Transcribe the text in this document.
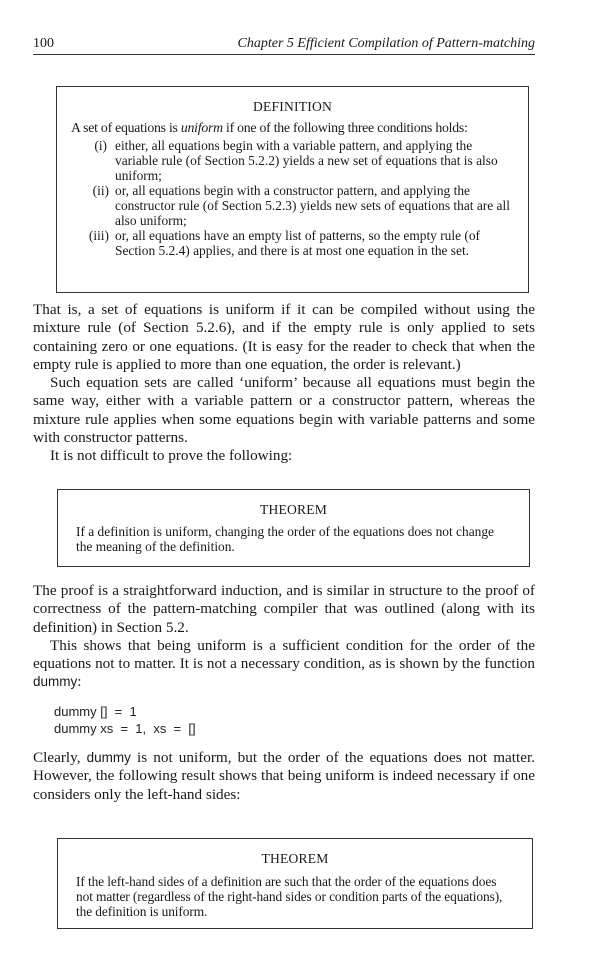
100	Chapter 5 Efficient Compilation of Pattern-matching
DEFINITION

A set of equations is uniform if one of the following three conditions holds:

(i) either, all equations begin with a variable pattern, and applying the variable rule (of Section 5.2.2) yields a new set of equations that is also uniform;

(ii) or, all equations begin with a constructor pattern, and applying the constructor rule (of Section 5.2.3) yields new sets of equations that are all also uniform;

(iii) or, all equations have an empty list of patterns, so the empty rule (of Section 5.2.4) applies, and there is at most one equation in the set.

That is, a set of equations is uniform if it can be compiled without using the mixture rule (of Section 5.2.6), and if the empty rule is only applied to sets containing zero or one equations. (It is easy for the reader to check that when the empty rule is applied to more than one equation, the order is relevant.)

Such equation sets are called ‘uniform’ because all equations must begin the same way, either with a variable pattern or a constructor pattern, whereas the mixture rule applies when some equations begin with variable patterns and some with constructor patterns.

It is not difficult to prove the following:

THEOREM

If a definition is uniform, changing the order of the equations does not change the meaning of the definition.

The proof is a straightforward induction, and is similar in structure to the proof of correctness of the pattern-matching compiler that was outlined (along with its definition) in Section 5.2.

This shows that being uniform is a sufficient condition for the order of the equations not to matter. It is not a necessary condition, as is shown by the function dummy:

dummy []  =  1
dummy xs  =  1,  xs  =  []

Clearly, dummy is not uniform, but the order of the equations does not matter. However, the following result shows that being uniform is indeed necessary if one considers only the left-hand sides:

THEOREM

If the left-hand sides of a definition are such that the order of the equations does not matter (regardless of the right-hand sides or condition parts of the equations), the definition is uniform.
